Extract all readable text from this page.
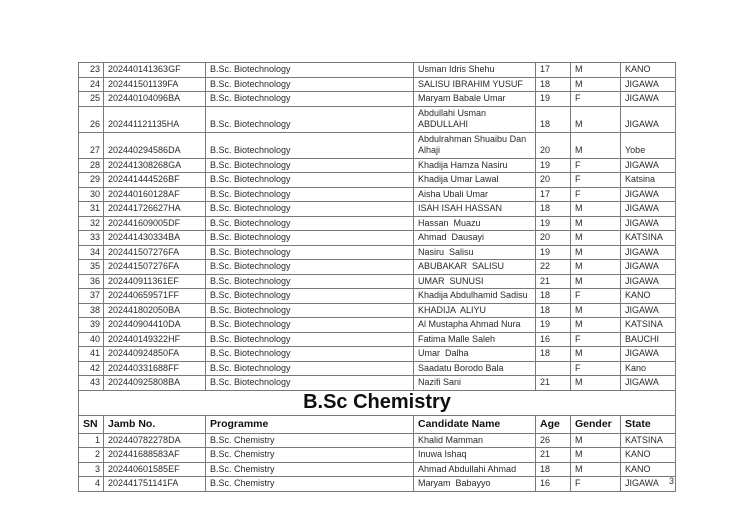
23	202440141363GF	B.Sc. Biotechnology	Usman Idris Shehu	17	M	KANO
24	202441501139FA	B.Sc. Biotechnology	SALISU IBRAHIM YUSUF	18	M	JIGAWA
25	202440104096BA	B.Sc. Biotechnology	Maryam Babale Umar	19	F	JIGAWA
26	202441121135HA	B.Sc. Biotechnology	Abdullahi Usman ABDULLAHI	18	M	JIGAWA
27	202440294586DA	B.Sc. Biotechnology	Abdulrahman Shuaibu Dan Alhaji	20	M	Yobe
28	202441308268GA	B.Sc. Biotechnology	Khadija Hamza Nasiru	19	F	JIGAWA
29	202441444526BF	B.Sc. Biotechnology	Khadija Umar Lawal	20	F	Katsina
30	202440160128AF	B.Sc. Biotechnology	Aisha Ubali Umar	17	F	JIGAWA
31	202441726627HA	B.Sc. Biotechnology	ISAH ISAH HASSAN	18	M	JIGAWA
32	202441609005DF	B.Sc. Biotechnology	Hassan  Muazu	19	M	JIGAWA
33	202441430334BA	B.Sc. Biotechnology	Ahmad  Dausayi	20	M	KATSINA
34	202441507276FA	B.Sc. Biotechnology	Nasiru  Salisu	19	M	JIGAWA
35	202441507276FA	B.Sc. Biotechnology	ABUBAKAR  SALISU	22	M	JIGAWA
36	202440911361EF	B.Sc. Biotechnology	UMAR  SUNUSI	21	M	JIGAWA
37	202440659571FF	B.Sc. Biotechnology	Khadija Abdulhamid Sadisu	18	F	KANO
38	202441802050BA	B.Sc. Biotechnology	KHADIJA  ALIYU	18	M	JIGAWA
39	202440904410DA	B.Sc. Biotechnology	Al Mustapha Ahmad Nura	19	M	KATSINA
40	202440149322HF	B.Sc. Biotechnology	Fatima Malle Saleh	16	F	BAUCHI
41	202440924850FA	B.Sc. Biotechnology	Umar  Dalha	18	M	JIGAWA
42	202440331688FF	B.Sc. Biotechnology	Saadatu Borodo Bala		F	Kano
43	202440925808BA	B.Sc. Biotechnology	Nazifi Sani	21	M	JIGAWA
B.Sc Chemistry						
SN	Jamb No.	Programme	Candidate Name	Age	Gender	State
1	202440782278DA	B.Sc. Chemistry	Khalid Mamman	26	M	KATSINA
2	202441688583AF	B.Sc. Chemistry	Inuwa Ishaq	21	M	KANO
3	202440601585EF	B.Sc. Chemistry	Ahmad Abdullahi Ahmad	18	M	KANO
4	202441751141FA	B.Sc. Chemistry	Maryam  Babayyo	16	F	JIGAWA 3
